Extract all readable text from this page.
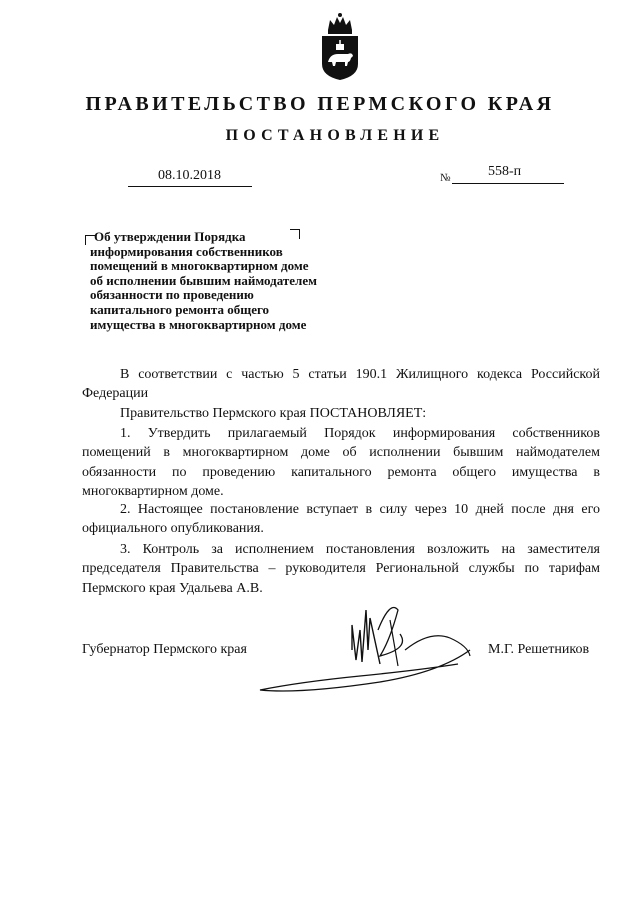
ПРАВИТЕЛЬСТВО ПЕРМСКОГО КРАЯ
ПОСТАНОВЛЕНИЕ
08.10.2018	№	558-п
Об утверждении Порядка
информирования собственников
помещений в многоквартирном доме
об исполнении бывшим наймодателем
обязанности по проведению
капитального ремонта общего
имущества в многоквартирном доме

В соответствии с частью 5 статьи 190.1 Жилищного кодекса Российской Федерации

Правительство Пермского края ПОСТАНОВЛЯЕТ:

1. Утвердить прилагаемый Порядок информирования собственников помещений в многоквартирном доме об исполнении бывшим наймодателем обязанности по проведению капитального ремонта общего имущества в многоквартирном доме.

2. Настоящее постановление вступает в силу через 10 дней после дня его официального опубликования.

3. Контроль за исполнением постановления возложить на заместителя председателя Правительства – руководителя Региональной службы по тарифам Пермского края Удальева А.В.

Губернатор Пермского края	М.Г. Решетников
